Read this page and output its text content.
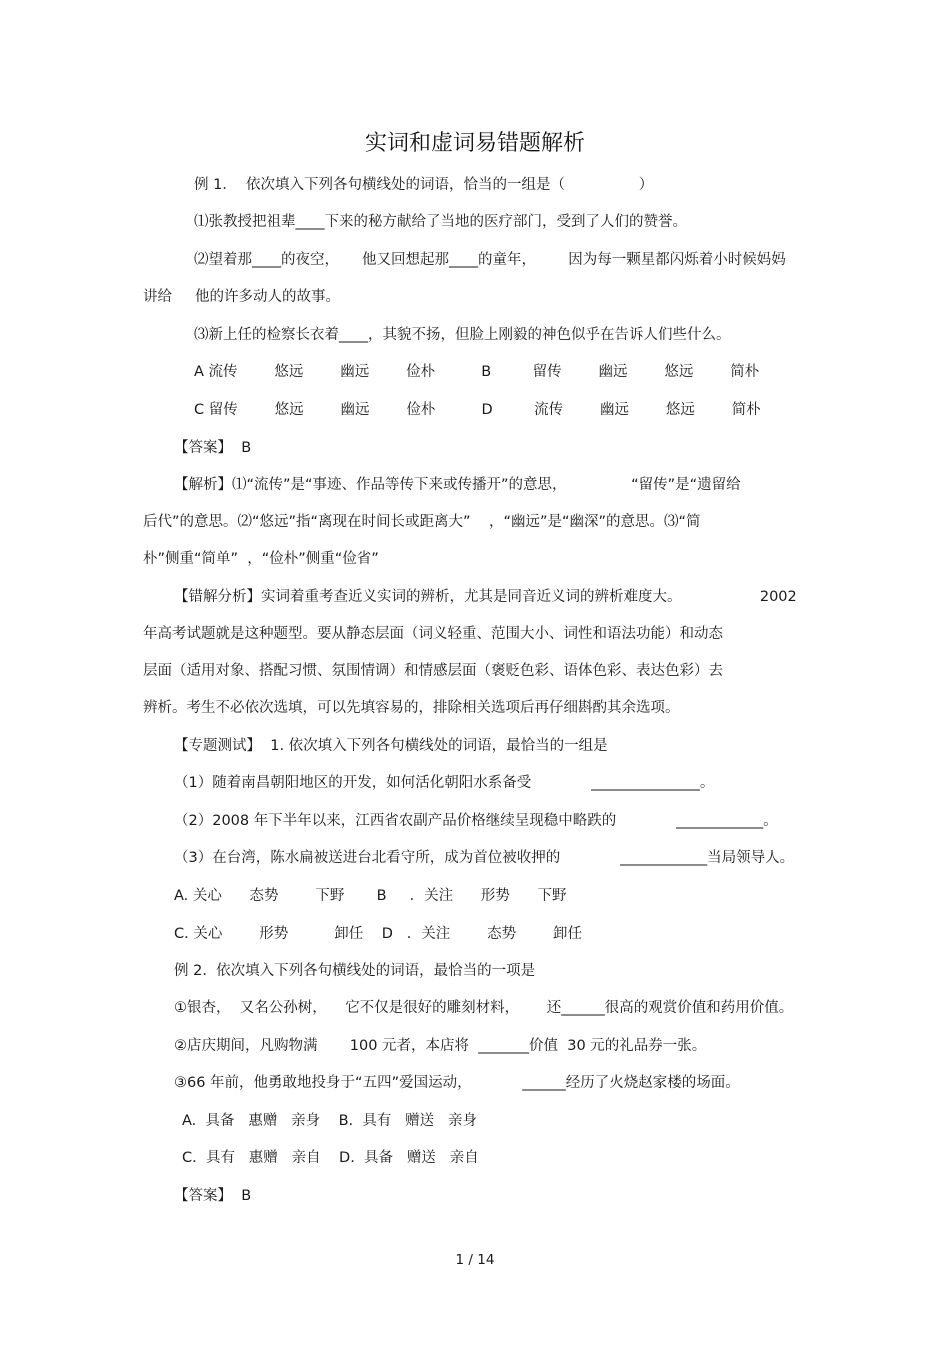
实词和虚词易错题解析
例 1．  依次填入下列各句横线处的词语，恰当的一组是（                ）
⑴张教授把祖辈____下来的秘方献给了当地的医疗部门，受到了人们的赞誉。
⑵望着那____的夜空，     他又回想起那____的童年，       因为每一颗星都闪烁着小时候妈妈
讲给     他的许多动人的故事。
⑶新上任的检察长衣着____，其貌不扬，但脸上刚毅的神色似乎在告诉人们些什么。
A 流传        悠远        幽远        俭朴          B         留传        幽远        悠远        简朴
C 留传        悠远        幽远        俭朴          D         流传        幽远        悠远        简朴
【答案】  B
【解析】⑴“流传”是“事迹、作品等传下来或传播开”的意思，              “留传”是“遗留给
后代”的意思。⑵“悠远”指“离现在时间长或距离大”    ，“幽远”是“幽深”的意思。⑶“简
朴”侧重“简单”  ，“俭朴”侧重“俭省”
【错解分析】实词着重考查近义实词的辨析，尤其是同音近义词的辨析难度大。                 2002
年高考试题就是这种题型。要从静态层面（词义轻重、范围大小、词性和语法功能）和动态
层面（适用对象、搭配习惯、氛围情调）和情感层面（褒贬色彩、语体色彩、表达色彩）去
辨析。考生不必依次选填，可以先填容易的，排除相关选项后再仔细斟酌其余选项。
【专题测试】  1. 依次填入下列各句横线处的词语，最恰当的一组是
（1）随着南昌朝阳地区的开发，如何活化朝阳水系备受             _______________。
（2）2008 年下半年以来，江西省农副产品价格继续呈现稳中略跌的             ____________。
（3）在台湾，陈水扁被送进台北看守所，成为首位被收押的             ____________当局领导人。
A. 关心      态势        下野       B     ．关注      形势      下野
C. 关心        形势          卸任    D   ．关注        态势        卸任
例 2.  依次填入下列各句横线处的词语，最恰当的一项是
①银杏，  又名公孙树，    它不仅是很好的雕刻材料，      还______很高的观赏价值和药用价值。
②店庆期间，凡购物满       100 元者，本店将  _______价值  30 元的礼品券一张。
③66 年前，他勇敢地投身于“五四”爱国运动，           ______经历了火烧赵家楼的场面。
A.  具备   惠赠   亲身    B.  具有   赠送   亲身
C.  具有   惠赠   亲自    D.  具备   赠送   亲自
【答案】  B
1 / 14
